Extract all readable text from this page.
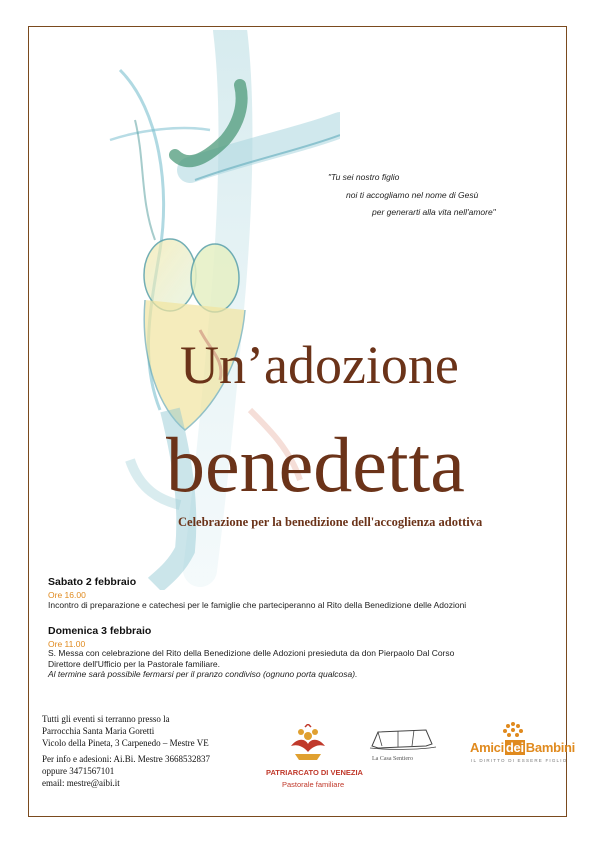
"Tu sei nostro figlio
noi ti accogliamo nel nome di Gesù
per generarti alla vita nell'amore"
Un’adozione
benedetta
Celebrazione per la benedizione dell'accoglienza adottiva
Sabato 2 febbraio
Ore 16.00
Incontro di preparazione e catechesi per le famiglie che parteciperanno al Rito della Benedizione delle Adozioni
Domenica 3 febbraio
Ore 11.00
S. Messa con celebrazione del Rito della Benedizione delle Adozioni presieduta da don Pierpaolo Dal Corso
Direttore dell'Ufficio per la Pastorale familiare.
Al termine sarà possibile fermarsi per il pranzo condiviso (ognuno porta qualcosa).
Tutti gli eventi si terranno presso la
Parrocchia Santa Maria Goretti
Vicolo della Pineta, 3 Carpenedo – Mestre VE
Per info e adesioni: Ai.Bi. Mestre 3668532837
oppure 3471567101
email: mestre@aibi.it
PATRIARCATO DI VENEZIA
Pastorale familiare
La Casa Sentiero
Amici dei Bambini
IL DIRITTO DI ESSERE FIGLIO
